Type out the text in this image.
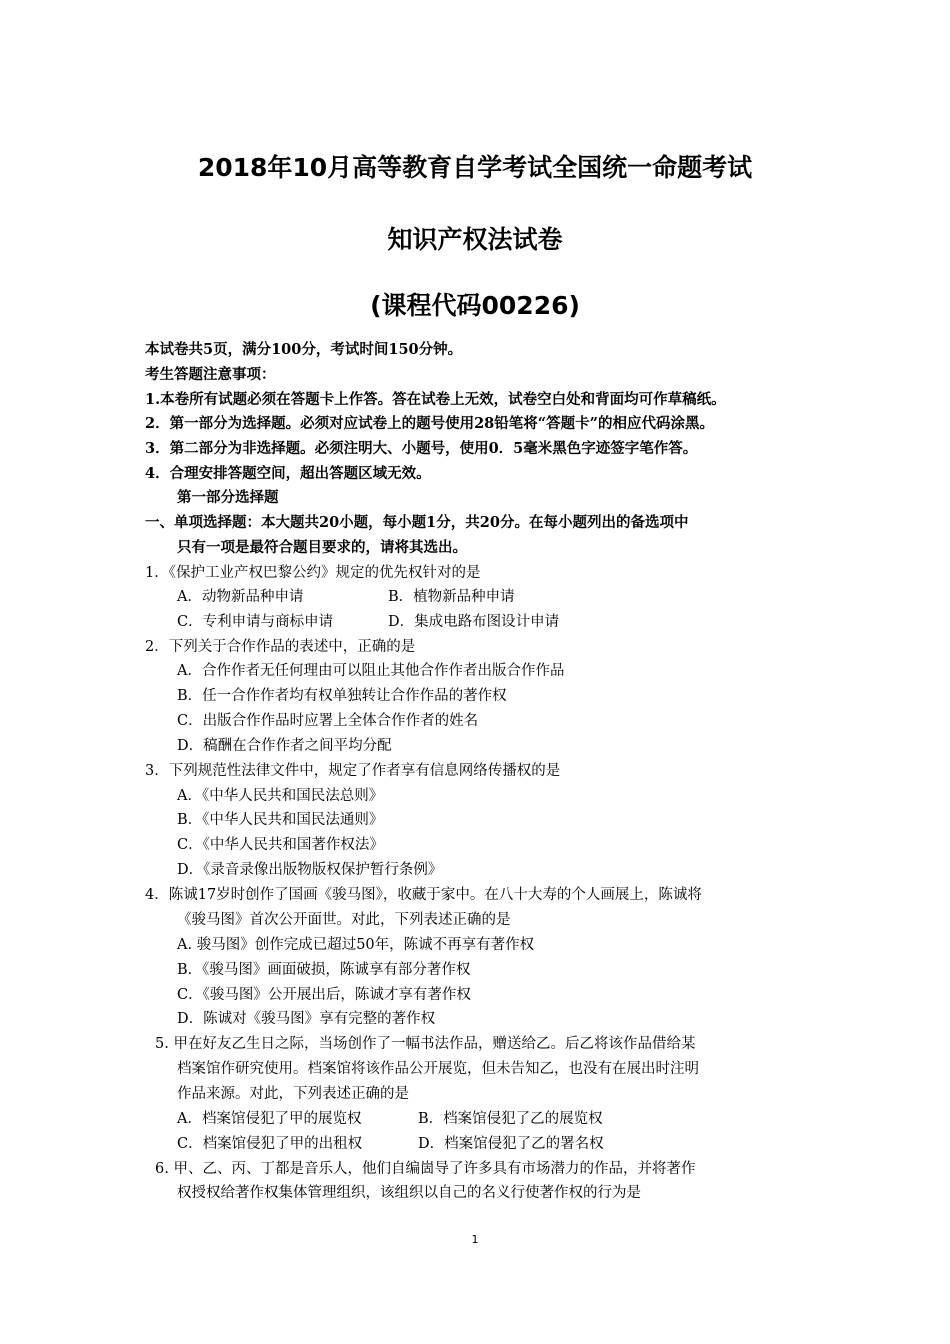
2018年10月高等教育自学考试全国统一命题考试
知识产权法试卷
(课程代码00226)
本试卷共5页，满分100分，考试时间150分钟。
考生答题注意事项：
1.本卷所有试题必须在答题卡上作答。答在试卷上无效，试卷空白处和背面均可作草稿纸。
2．第一部分为选择题。必须对应试卷上的题号使用28铅笔将“答题卡”的相应代码涂黑。
3．第二部分为非选择题。必须注明大、小题号，使用0．5毫米黑色字迹签字笔作答。
4．合理安排答题空间，超出答题区域无效。
第一部分选择题
一、单项选择题：本大题共20小题，每小题1分，共20分。在每小题列出的备选项中
只有一项是最符合题目要求的，请将其选出。
1．《保护工业产权巴黎公约》规定的优先权针对的是
A．动物新品种申请	B．植物新品种申请
C．专利申请与商标申请	D．集成电路布图设计申请
2．下列关于合作作品的表述中，正确的是
A．合作作者无任何理由可以阻止其他合作作者出版合作作品
B．任一合作作者均有权单独转让合作作品的著作权
C．出版合作作品时应署上全体合作作者的姓名
D．稿酬在合作作者之间平均分配
3．下列规范性法律文件中，规定了作者享有信息网络传播权的是
A．《中华人民共和国民法总则》
B．《中华人民共和国民法通则》
C．《中华人民共和国著作权法》
D．《录音录像出版物版权保护暂行条例》
4．陈诚17岁时创作了国画《骏马图》，收藏于家中。在八十大寿的个人画展上，陈诚将
《骏马图》首次公开面世。对此，下列表述正确的是
A. 骏马图》创作完成已超过50年，陈诚不再享有著作权
B．《骏马图》画面破损，陈诚享有部分著作权
C．《骏马图》公开展出后，陈诚才享有著作权
D．陈诚对《骏马图》享有完整的著作权
5. 甲在好友乙生日之际，当场创作了一幅书法作品，赠送给乙。后乙将该作品借给某
档案馆作研究使用。档案馆将该作品公开展览，但未告知乙，也没有在展出时注明
作品来源。对此，下列表述正确的是
A．档案馆侵犯了甲的展览权	B．档案馆侵犯了乙的展览权
C．档案馆侵犯了甲的出租权	D．档案馆侵犯了乙的署名权
6. 甲、乙、丙、丁都是音乐人，他们自编崮导了许多具有市场潜力的作品，并将著作
权授权给著作权集体管理组织，该组织以自己的名义行使著作权的行为是
1
